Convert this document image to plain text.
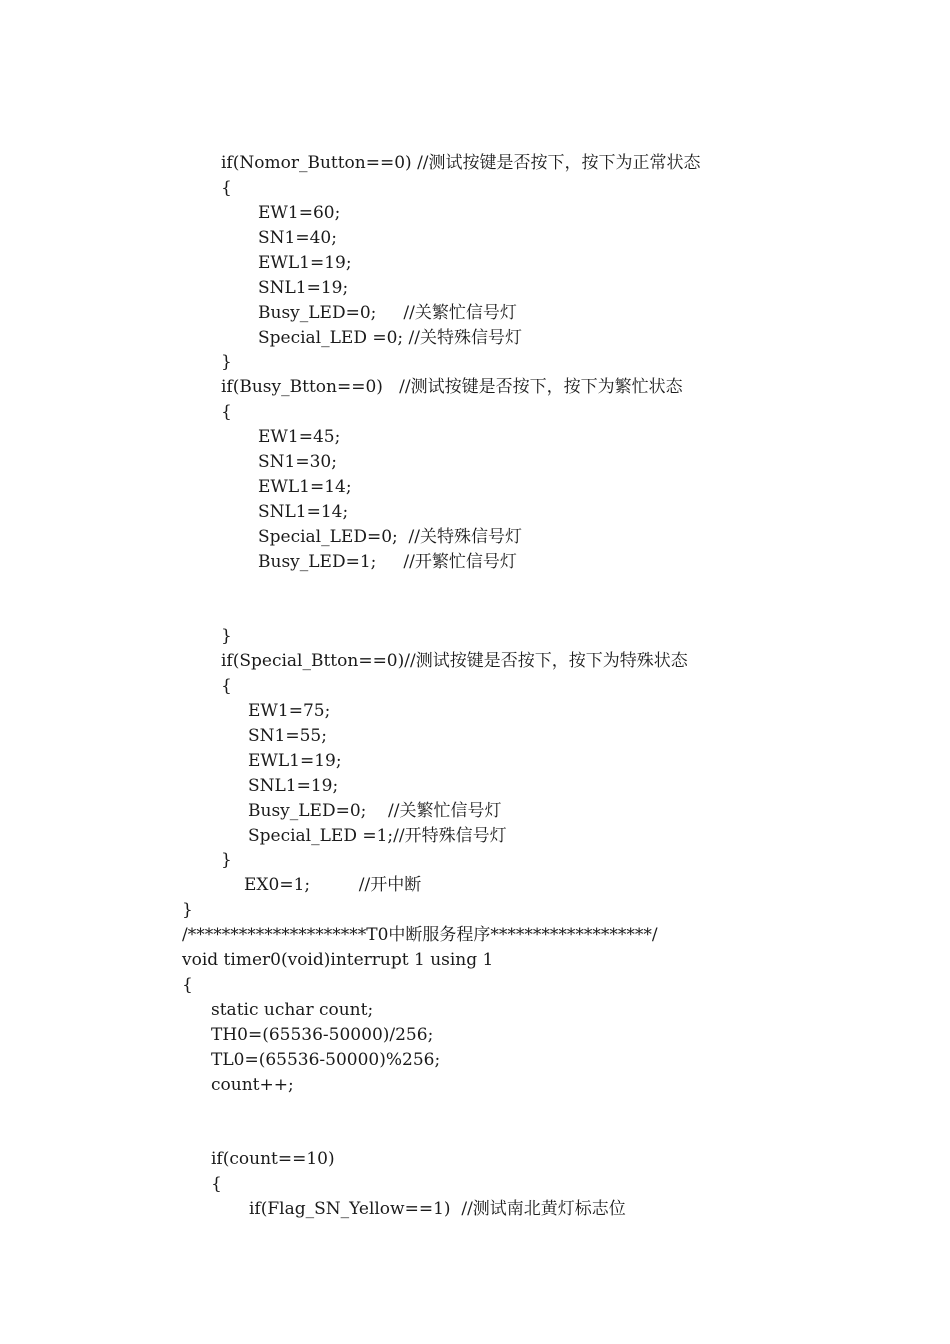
if(Nomor_Button==0) //测试按键是否按下，按下为正常状态
{
EW1=60;
SN1=40;
EWL1=19;
SNL1=19;
Busy_LED=0;     //关繁忙信号灯
Special_LED =0; //关特殊信号灯
}
if(Busy_Btton==0)   //测试按键是否按下，按下为繁忙状态
{
EW1=45;
SN1=30;
EWL1=14;
SNL1=14;
Special_LED=0;  //关特殊信号灯
Busy_LED=1;     //开繁忙信号灯
}
if(Special_Btton==0)//测试按键是否按下，按下为特殊状态
{
EW1=75;
SN1=55;
EWL1=19;
SNL1=19;
Busy_LED=0;    //关繁忙信号灯
Special_LED =1;//开特殊信号灯
}
EX0=1;         //开中断
}
/*********************T0中断服务程序*******************/
void timer0(void)interrupt 1 using 1
{
static uchar count;
TH0=(65536-50000)/256;
TL0=(65536-50000)%256;
count++;
if(count==10)
{
if(Flag_SN_Yellow==1)  //测试南北黄灯标志位
